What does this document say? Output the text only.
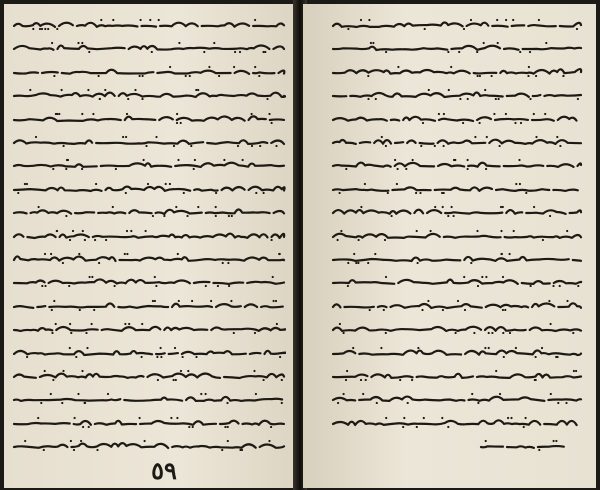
٥٩
